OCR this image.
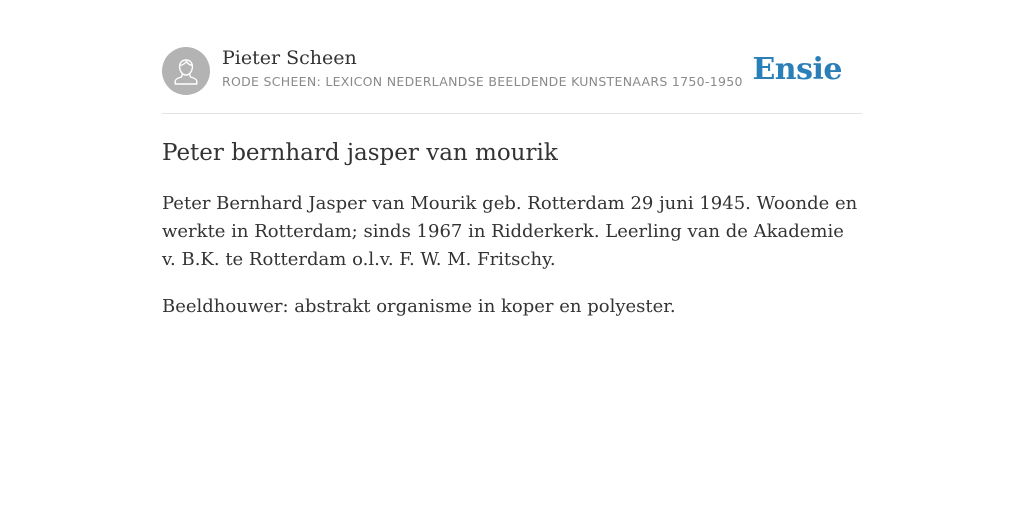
Pieter Scheen
RODE SCHEEN: LEXICON NEDERLANDSE BEELDENDE KUNSTENAARS 1750-1950 Ensie
Peter bernhard jasper van mourik

Peter Bernhard Jasper van Mourik geb. Rotterdam 29 juni 1945. Woonde en werkte in Rotterdam; sinds 1967 in Ridderkerk. Leerling van de Akademie v. B.K. te Rotterdam o.l.v. F. W. M. Fritschy.

Beeldhouwer: abstrakt organisme in koper en polyester.
